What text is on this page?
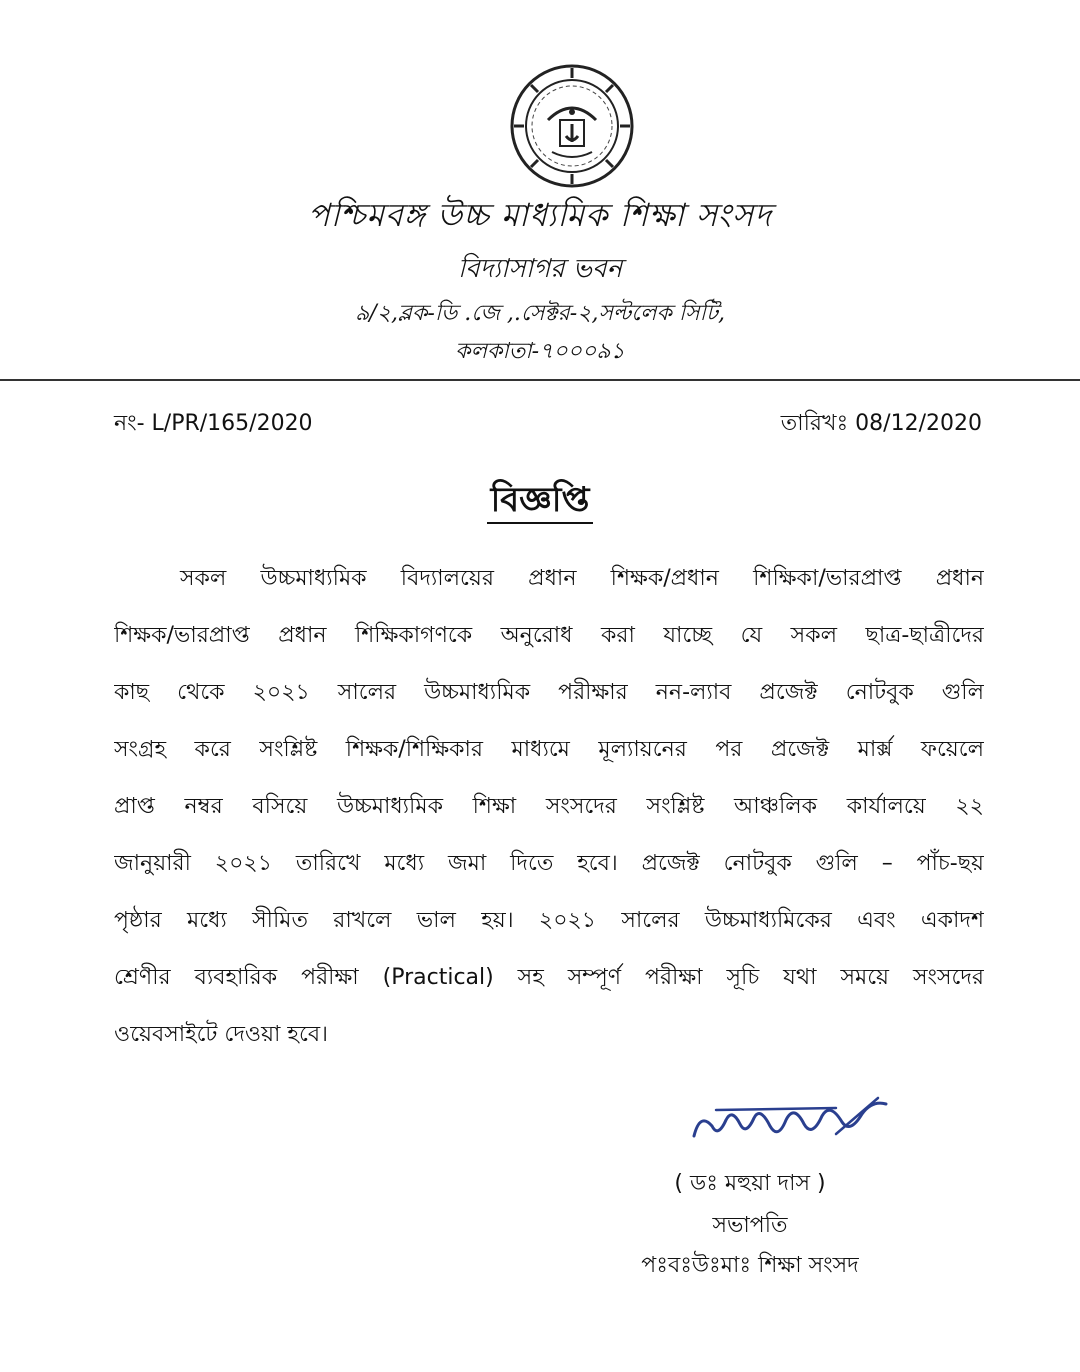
পশ্চিমবঙ্গ উচ্চ মাধ্যমিক শিক্ষা সংসদ
বিদ্যাসাগর ভবন
৯/২,ব্লক-ডি .জে ,.সেক্টর-২,সল্টলেক সিটি,
কলকাতা-৭০০০৯১
নং- L/PR/165/2020	তারিখঃ 08/12/2020
বিজ্ঞপ্তি
সকল উচ্চমাধ্যমিক বিদ্যালয়ের প্রধান শিক্ষক/প্রধান শিক্ষিকা/ভারপ্রাপ্ত প্রধান
শিক্ষক/ভারপ্রাপ্ত প্রধান শিক্ষিকাগণকে অনুরোধ করা যাচ্ছে যে সকল ছাত্র-ছাত্রীদের
কাছ থেকে ২০২১ সালের উচ্চমাধ্যমিক পরীক্ষার নন-ল্যাব প্রজেক্ট নোটবুক গুলি
সংগ্রহ করে সংশ্লিষ্ট শিক্ষক/শিক্ষিকার মাধ্যমে মূল্যায়নের পর প্রজেক্ট মার্ক্স ফয়েলে
প্রাপ্ত নম্বর বসিয়ে উচ্চমাধ্যমিক শিক্ষা সংসদের সংশ্লিষ্ট আঞ্চলিক কার্যালয়ে ২২
জানুয়ারী ২০২১ তারিখে মধ্যে জমা দিতে হবে। প্রজেক্ট নোটবুক গুলি – পাঁচ-ছয়
পৃষ্ঠার মধ্যে সীমিত রাখলে ভাল হয়। ২০২১ সালের উচ্চমাধ্যমিকের এবং একাদশ
শ্রেণীর ব্যবহারিক পরীক্ষা (Practical) সহ সম্পূর্ণ পরীক্ষা সূচি যথা সময়ে সংসদের
ওয়েবসাইটে দেওয়া হবে।
( ডঃ মহুয়া দাস )
সভাপতি
পঃবঃউঃমাঃ শিক্ষা সংসদ
